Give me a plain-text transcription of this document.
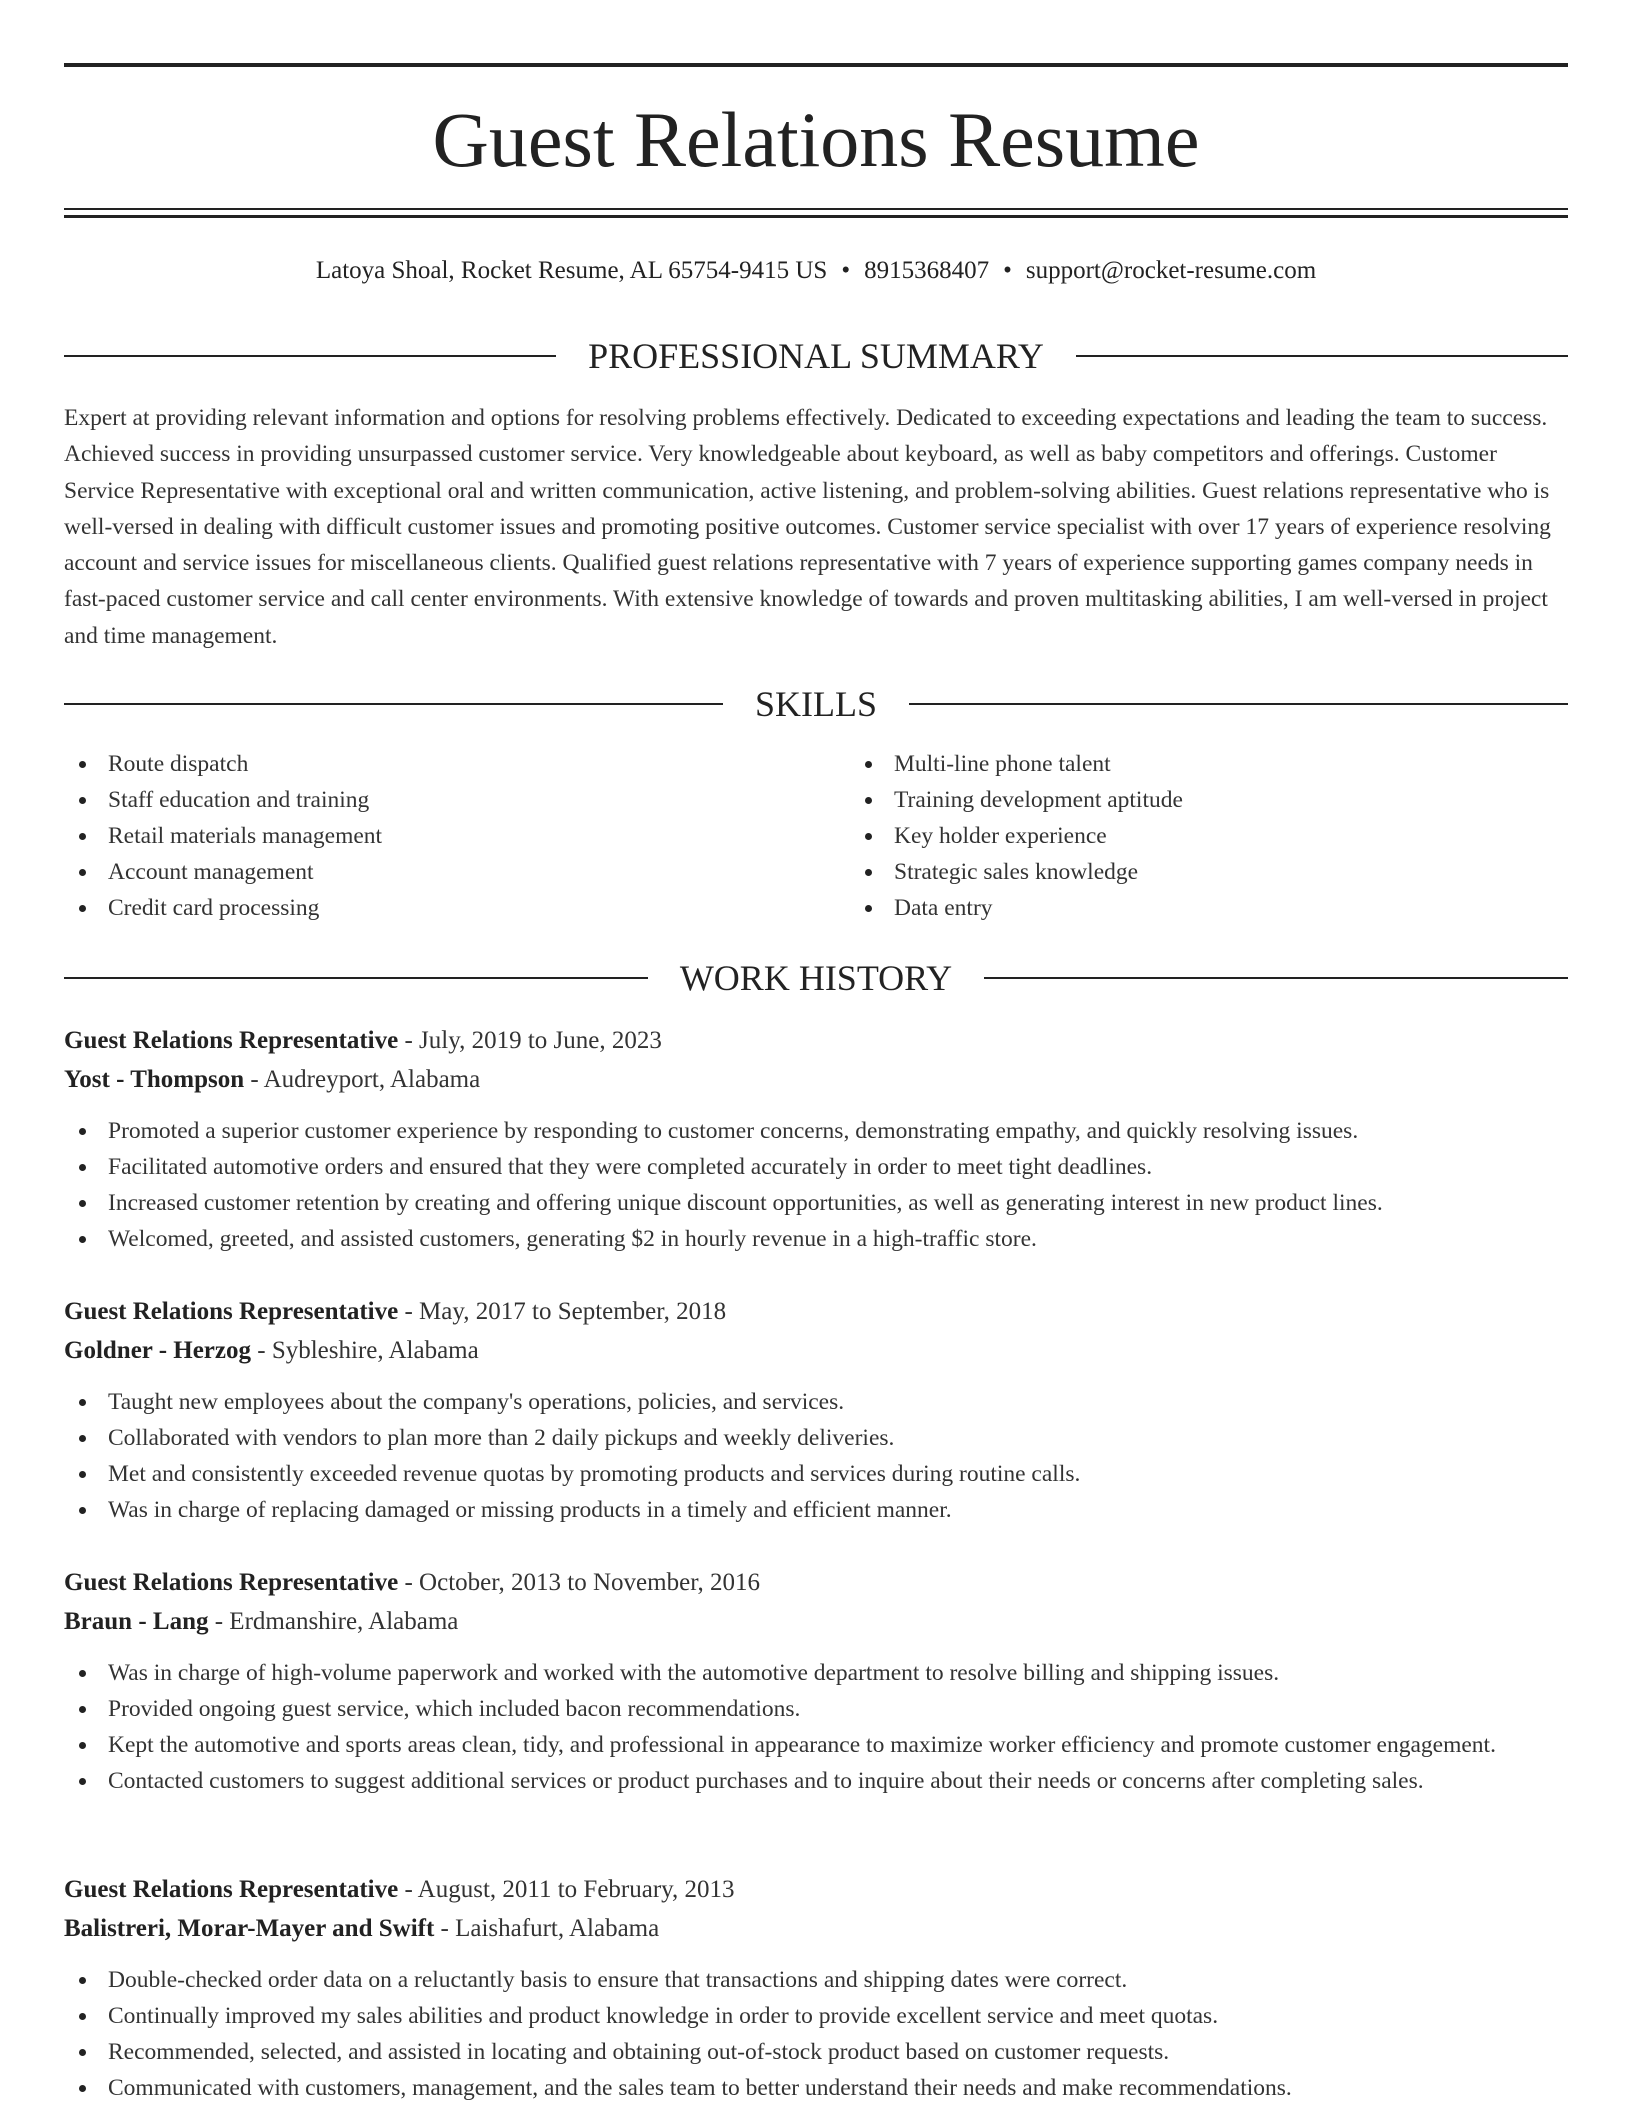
Guest Relations Resume
Latoya Shoal, Rocket Resume, AL 65754-9415 US • 8915368407 • support@rocket-resume.com
PROFESSIONAL SUMMARY

Expert at providing relevant information and options for resolving problems effectively. Dedicated to exceeding expectations and leading the team to success. Achieved success in providing unsurpassed customer service. Very knowledgeable about keyboard, as well as baby competitors and offerings. Customer Service Representative with exceptional oral and written communication, active listening, and problem-solving abilities. Guest relations representative who is well-versed in dealing with difficult customer issues and promoting positive outcomes. Customer service specialist with over 17 years of experience resolving account and service issues for miscellaneous clients. Qualified guest relations representative with 7 years of experience supporting games company needs in fast-paced customer service and call center environments. With extensive knowledge of towards and proven multitasking abilities, I am well-versed in project and time management.

SKILLS
Route dispatch
Staff education and training
Retail materials management
Account management
Credit card processing
Multi-line phone talent
Training development aptitude
Key holder experience
Strategic sales knowledge
Data entry
WORK HISTORY
Guest Relations Representative - July, 2019 to June, 2023
Yost - Thompson - Audreyport, Alabama
Promoted a superior customer experience by responding to customer concerns, demonstrating empathy, and quickly resolving issues.
Facilitated automotive orders and ensured that they were completed accurately in order to meet tight deadlines.
Increased customer retention by creating and offering unique discount opportunities, as well as generating interest in new product lines.
Welcomed, greeted, and assisted customers, generating $2 in hourly revenue in a high-traffic store.
Guest Relations Representative - May, 2017 to September, 2018
Goldner - Herzog - Sybleshire, Alabama
Taught new employees about the company's operations, policies, and services.
Collaborated with vendors to plan more than 2 daily pickups and weekly deliveries.
Met and consistently exceeded revenue quotas by promoting products and services during routine calls.
Was in charge of replacing damaged or missing products in a timely and efficient manner.
Guest Relations Representative - October, 2013 to November, 2016
Braun - Lang - Erdmanshire, Alabama
Was in charge of high-volume paperwork and worked with the automotive department to resolve billing and shipping issues.
Provided ongoing guest service, which included bacon recommendations.
Kept the automotive and sports areas clean, tidy, and professional in appearance to maximize worker efficiency and promote customer engagement.
Contacted customers to suggest additional services or product purchases and to inquire about their needs or concerns after completing sales.
Guest Relations Representative - August, 2011 to February, 2013
Balistreri, Morar-Mayer and Swift - Laishafurt, Alabama
Double-checked order data on a reluctantly basis to ensure that transactions and shipping dates were correct.
Continually improved my sales abilities and product knowledge in order to provide excellent service and meet quotas.
Recommended, selected, and assisted in locating and obtaining out-of-stock product based on customer requests.
Communicated with customers, management, and the sales team to better understand their needs and make recommendations.
